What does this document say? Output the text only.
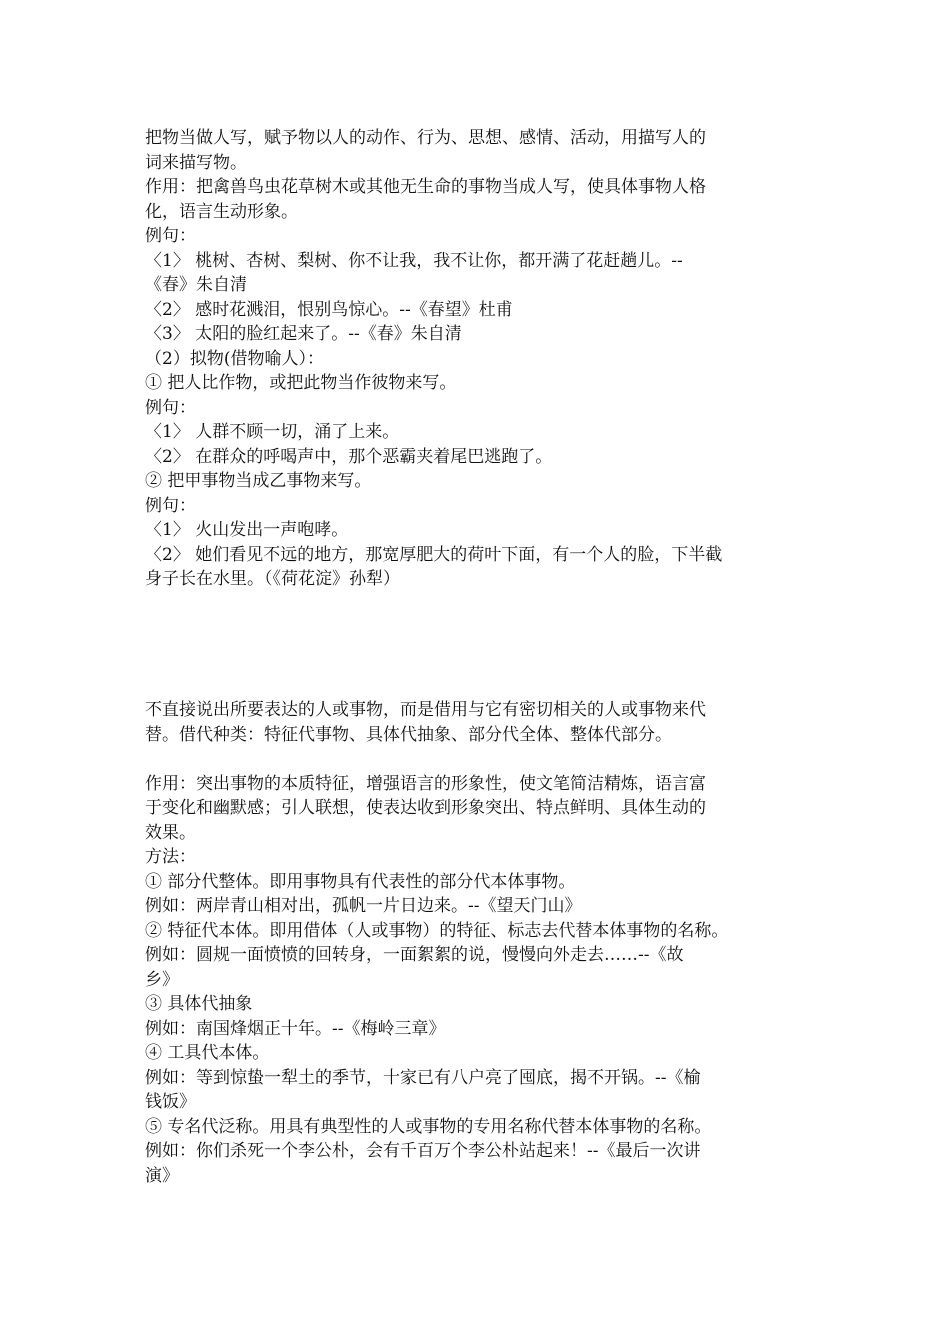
把物当做人写，赋予物以人的动作、行为、思想、感情、活动，用描写人的
词来描写物。
作用：把禽兽鸟虫花草树木或其他无生命的事物当成人写，使具体事物人格
化，语言生动形象。
例句：
〈1〉 桃树、杏树、梨树、你不让我，我不让你，都开满了花赶趟儿。--
《春》朱自清
〈2〉 感时花溅泪，恨别鸟惊心。--《春望》杜甫
〈3〉 太阳的脸红起来了。--《春》朱自清
（2）拟物(借物喻人）：
① 把人比作物，或把此物当作彼物来写。
例句：
〈1〉 人群不顾一切，涌了上来。
〈2〉 在群众的呼喝声中，那个恶霸夹着尾巴逃跑了。
② 把甲事物当成乙事物来写。
例句：
〈1〉 火山发出一声咆哮。
〈2〉 她们看见不远的地方，那宽厚肥大的荷叶下面，有一个人的脸，下半截
身子长在水里。（《荷花淀》孙犁）
不直接说出所要表达的人或事物，而是借用与它有密切相关的人或事物来代
替。借代种类：特征代事物、具体代抽象、部分代全体、整体代部分。
作用：突出事物的本质特征，增强语言的形象性，使文笔简洁精炼，语言富
于变化和幽默感；引人联想，使表达收到形象突出、特点鲜明、具体生动的
效果。
方法：
① 部分代整体。即用事物具有代表性的部分代本体事物。
例如：两岸青山相对出，孤帆一片日边来。--《望天门山》
② 特征代本体。即用借体（人或事物）的特征、标志去代替本体事物的名称。
例如：圆规一面愤愤的回转身，一面絮絮的说，慢慢向外走去……--《故
乡》
③ 具体代抽象
例如：南国烽烟正十年。--《梅岭三章》
④ 工具代本体。
例如：等到惊蛰一犁土的季节，十家已有八户亮了囤底，揭不开锅。--《榆
钱饭》
⑤ 专名代泛称。用具有典型性的人或事物的专用名称代替本体事物的名称。
例如：你们杀死一个李公朴，会有千百万个李公朴站起来！--《最后一次讲
演》
